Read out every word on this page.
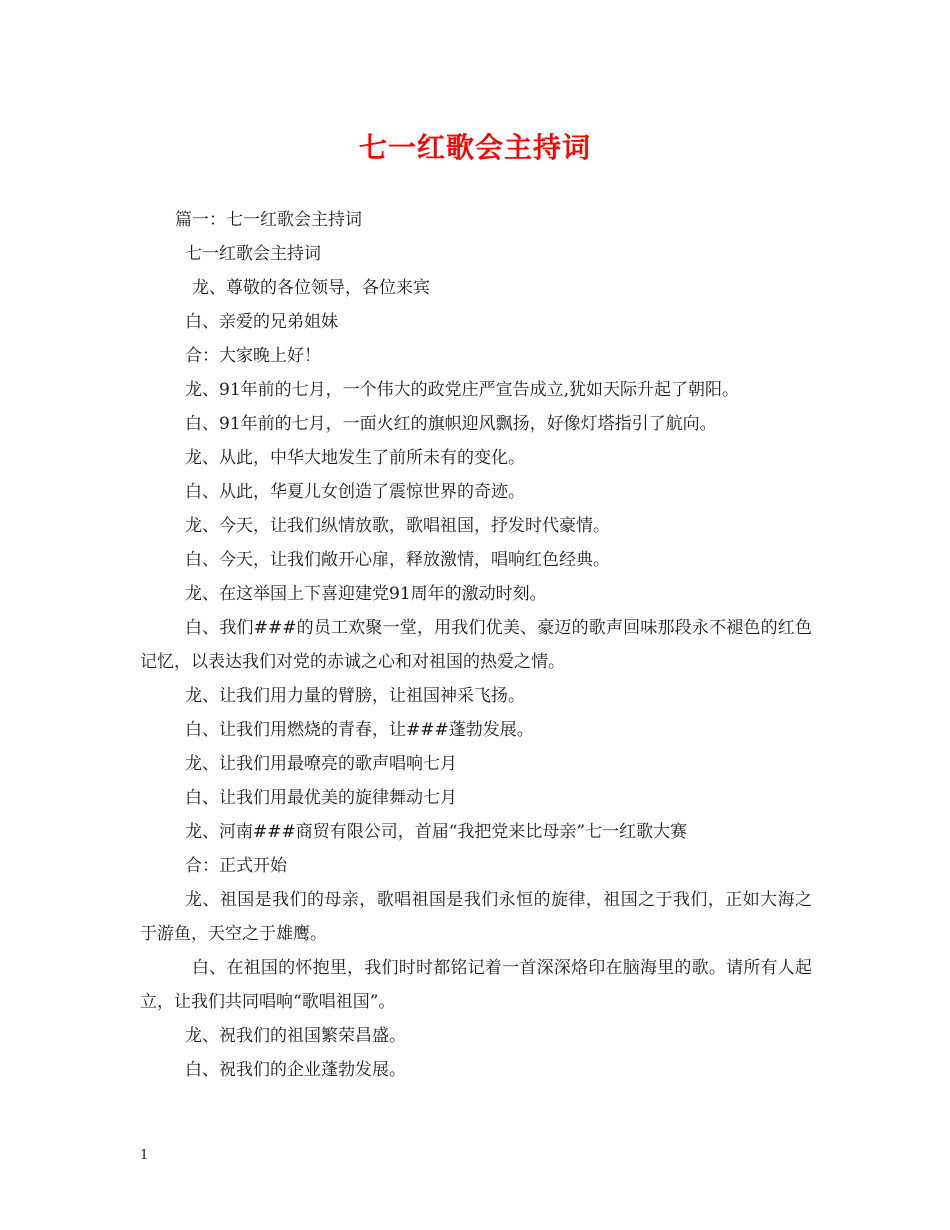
七一红歌会主持词

篇一：七一红歌会主持词

七一红歌会主持词

龙、尊敬的各位领导，各位来宾

白、亲爱的兄弟姐妹

合：大家晚上好！

龙、91年前的七月，一个伟大的政党庄严宣告成立,犹如天际升起了朝阳。

白、91年前的七月，一面火红的旗帜迎风飘扬，好像灯塔指引了航向。

龙、从此，中华大地发生了前所未有的变化。

白、从此，华夏儿女创造了震惊世界的奇迹。

龙、今天，让我们纵情放歌，歌唱祖国，抒发时代豪情。

白、今天，让我们敞开心扉，释放激情，唱响红色经典。

龙、在这举国上下喜迎建党91周年的激动时刻。

白、我们###的员工欢聚一堂，用我们优美、豪迈的歌声回味那段永不褪色的红色记忆，以表达我们对党的赤诚之心和对祖国的热爱之情。

龙、让我们用力量的臂膀，让祖国神采飞扬。

白、让我们用燃烧的青春，让###蓬勃发展。

龙、让我们用最嘹亮的歌声唱响七月

白、让我们用最优美的旋律舞动七月

龙、河南###商贸有限公司，首届“我把党来比母亲”七一红歌大赛

合：正式开始

龙、祖国是我们的母亲，歌唱祖国是我们永恒的旋律，祖国之于我们，正如大海之于游鱼，天空之于雄鹰。

白、在祖国的怀抱里，我们时时都铭记着一首深深烙印在脑海里的歌。请所有人起立，让我们共同唱响“歌唱祖国”。

龙、祝我们的祖国繁荣昌盛。

白、祝我们的企业蓬勃发展。

1
